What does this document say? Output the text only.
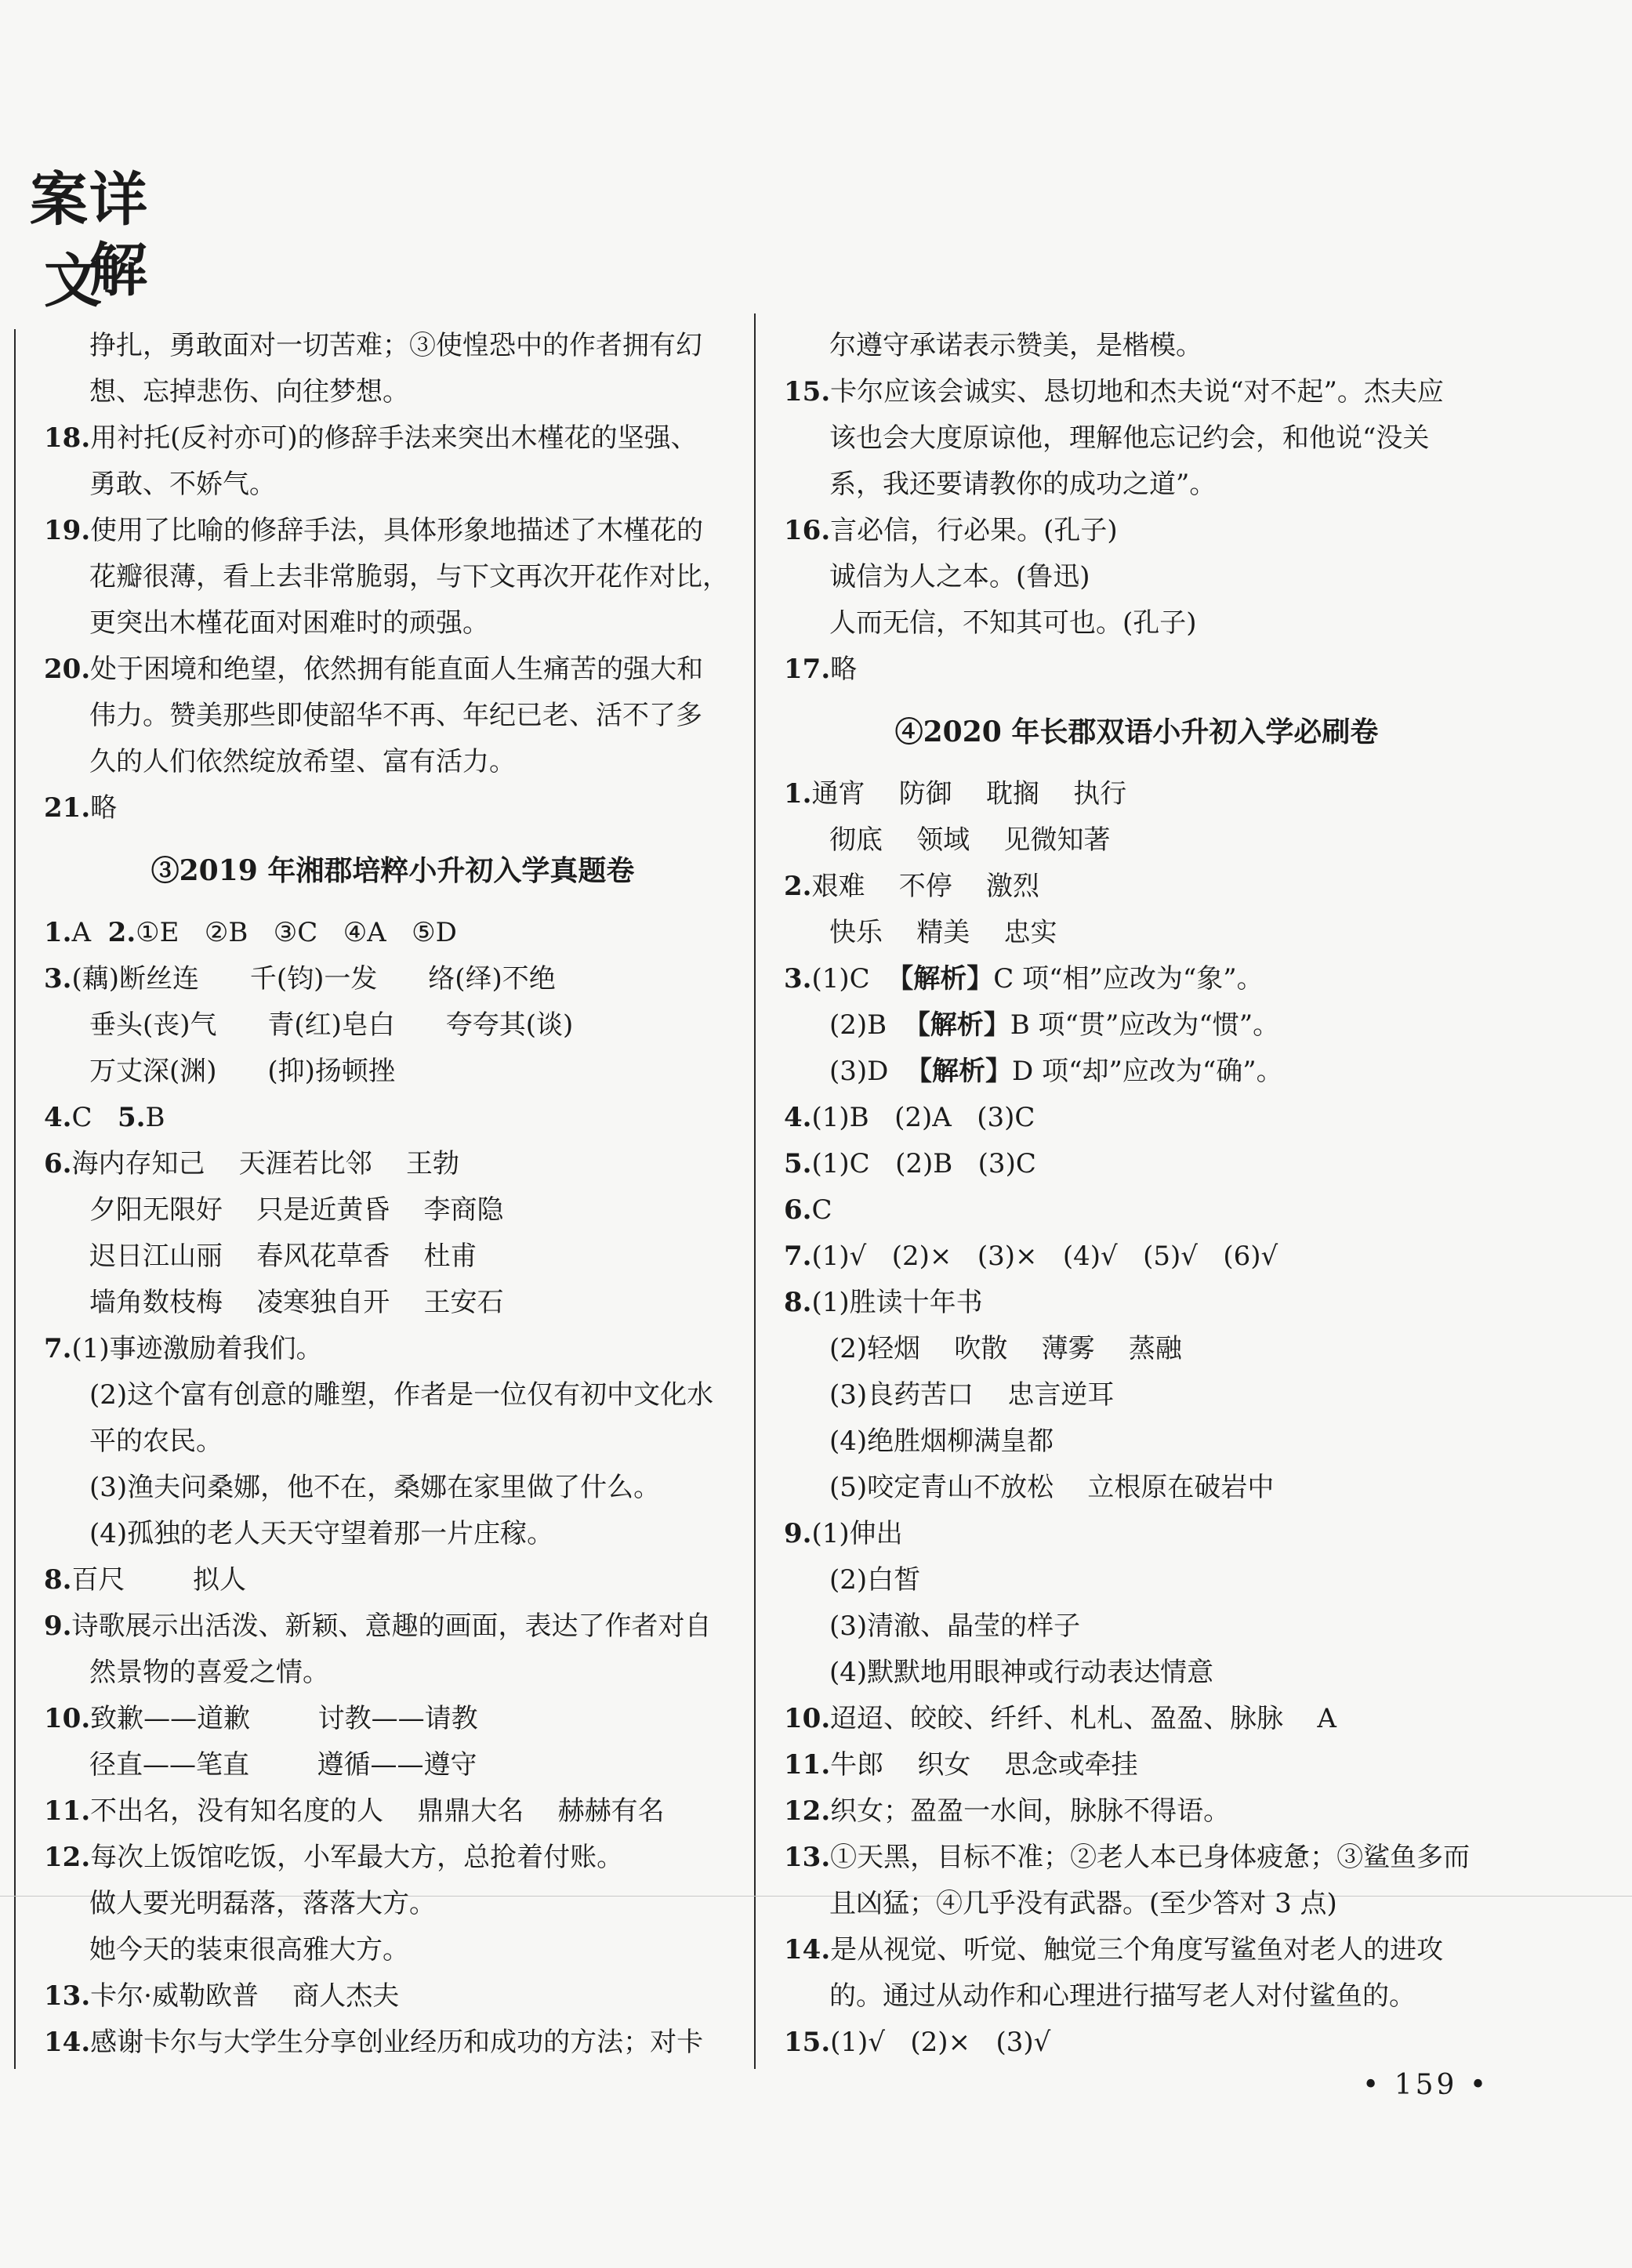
案详解
文
挣扎，勇敢面对一切苦难；③使惶恐中的作者拥有幻
想、忘掉悲伤、向往梦想。
18.用衬托(反衬亦可)的修辞手法来突出木槿花的坚强、
勇敢、不娇气。
19.使用了比喻的修辞手法，具体形象地描述了木槿花的
花瓣很薄，看上去非常脆弱，与下文再次开花作对比，
更突出木槿花面对困难时的顽强。
20.处于困境和绝望，依然拥有能直面人生痛苦的强大和
伟力。赞美那些即使韶华不再、年纪已老、活不了多
久的人们依然绽放希望、富有活力。
21.略
③2019 年湘郡培粹小升初入学真题卷
1.A  2.①E   ②B   ③C   ④A   ⑤D
3.(藕)断丝连      千(钧)一发      络(绎)不绝
垂头(丧)气      青(红)皂白      夸夸其(谈)
万丈深(渊)      (抑)扬顿挫
4.C   5.B
6.海内存知己    天涯若比邻    王勃
夕阳无限好    只是近黄昏    李商隐
迟日江山丽    春风花草香    杜甫
墙角数枝梅    凌寒独自开    王安石
7.(1)事迹激励着我们。
(2)这个富有创意的雕塑，作者是一位仅有初中文化水
平的农民。
(3)渔夫问桑娜，他不在，桑娜在家里做了什么。
(4)孤独的老人天天守望着那一片庄稼。
8.百尺        拟人
9.诗歌展示出活泼、新颖、意趣的画面，表达了作者对自
然景物的喜爱之情。
10.致歉——道歉        讨教——请教
径直——笔直        遵循——遵守
11.不出名，没有知名度的人    鼎鼎大名    赫赫有名
12.每次上饭馆吃饭，小军最大方，总抢着付账。
做人要光明磊落，落落大方。
她今天的装束很高雅大方。
13.卡尔·威勒欧普    商人杰夫
14.感谢卡尔与大学生分享创业经历和成功的方法；对卡
尔遵守承诺表示赞美，是楷模。
15.卡尔应该会诚实、恳切地和杰夫说“对不起”。杰夫应
该也会大度原谅他，理解他忘记约会，和他说“没关
系，我还要请教你的成功之道”。
16.言必信，行必果。(孔子)
诚信为人之本。(鲁迅)
人而无信，不知其可也。(孔子)
17.略
④2020 年长郡双语小升初入学必刷卷
1.通宵    防御    耽搁    执行
彻底    领域    见微知著
2.艰难    不停    激烈
快乐    精美    忠实
3.(1)C  【解析】C 项“相”应改为“象”。
(2)B  【解析】B 项“贯”应改为“惯”。
(3)D  【解析】D 项“却”应改为“确”。
4.(1)B   (2)A   (3)C
5.(1)C   (2)B   (3)C
6.C
7.(1)√   (2)×   (3)×   (4)√   (5)√   (6)√
8.(1)胜读十年书
(2)轻烟    吹散    薄雾    蒸融
(3)良药苦口    忠言逆耳
(4)绝胜烟柳满皇都
(5)咬定青山不放松    立根原在破岩中
9.(1)伸出
(2)白皙
(3)清澈、晶莹的样子
(4)默默地用眼神或行动表达情意
10.迢迢、皎皎、纤纤、札札、盈盈、脉脉    A
11.牛郎    织女    思念或牵挂
12.织女；盈盈一水间，脉脉不得语。
13.①天黑，目标不准；②老人本已身体疲惫；③鲨鱼多而
且凶猛；④几乎没有武器。(至少答对 3 点)
14.是从视觉、听觉、触觉三个角度写鲨鱼对老人的进攻
的。通过从动作和心理进行描写老人对付鲨鱼的。
15.(1)√   (2)×   (3)√
• 159 •
